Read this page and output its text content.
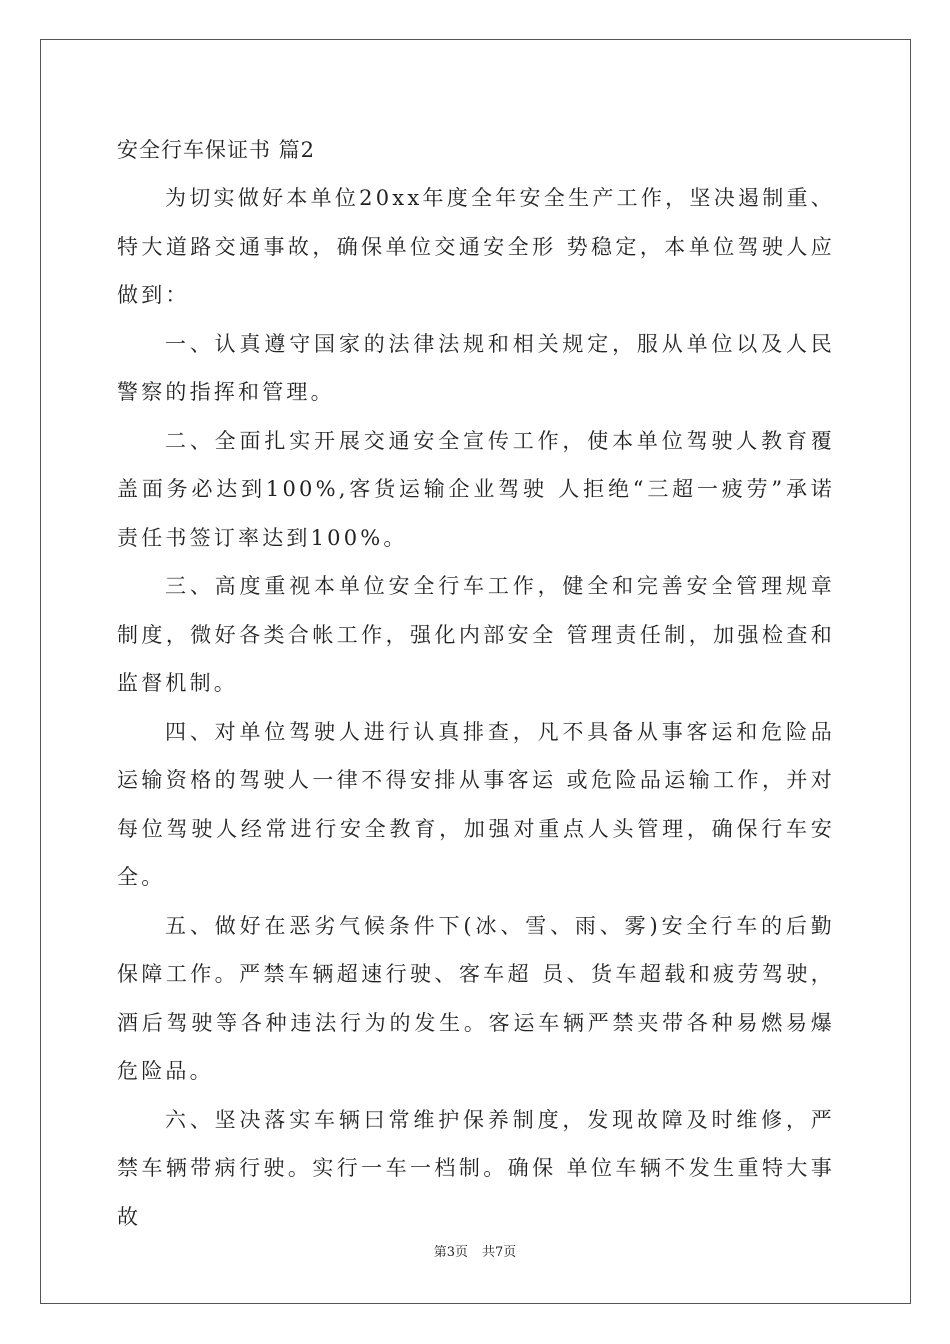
安全行车保证书 篇2

为切实做好本单位20xx年度全年安全生产工作，坚决遏制重、特大道路交通事故，确保单位交通安全形 势稳定，本单位驾驶人应做到：

一、认真遵守国家的法律法规和相关规定，服从单位以及人民警察的指挥和管理。

二、全面扎实开展交通安全宣传工作，使本单位驾驶人教育覆盖面务必达到100%,客货运输企业驾驶 人拒绝“三超一疲劳”承诺责任书签订率达到100%。

三、高度重视本单位安全行车工作，健全和完善安全管理规章制度，微好各类合帐工作，强化内部安全 管理责任制，加强检查和监督机制。

四、对单位驾驶人进行认真排查，凡不具备从事客运和危险品运输资格的驾驶人一律不得安排从事客运 或危险品运输工作，并对每位驾驶人经常进行安全教育，加强对重点人头管理，确保行车安全。

五、做好在恶劣气候条件下(冰、雪、雨、雾)安全行车的后勤保障工作。严禁车辆超速行驶、客车超 员、货车超载和疲劳驾驶，酒后驾驶等各种违法行为的发生。客运车辆严禁夹带各种易燃易爆危险品。

六、坚决落实车辆曰常维护保养制度，发现故障及时维修，严禁车辆带病行驶。实行一车一档制。确保 单位车辆不发生重特大事故

第3页 共7页
